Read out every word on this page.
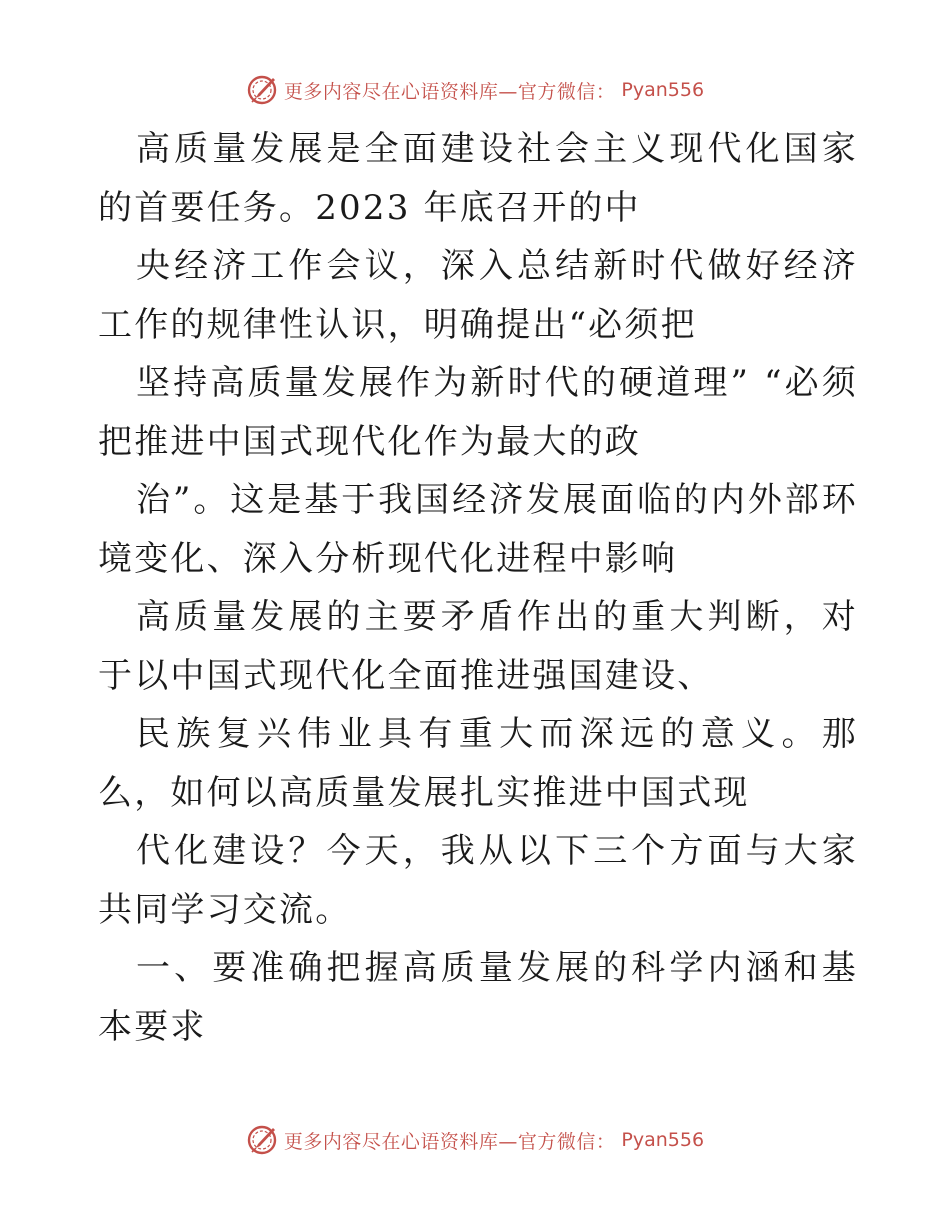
更多内容尽在心语资料库—官方微信： Pyan556

高质量发展是全面建设社会主义现代化国家的首要任务。2023 年底召开的中

央经济工作会议，深入总结新时代做好经济工作的规律性认识，明确提出“必须把

坚持高质量发展作为新时代的硬道理” “必须把推进中国式现代化作为最大的政

治”。这是基于我国经济发展面临的内外部环境变化、深入分析现代化进程中影响

高质量发展的主要矛盾作出的重大判断，对于以中国式现代化全面推进强国建设、

民族复兴伟业具有重大而深远的意义。那么，如何以高质量发展扎实推进中国式现

代化建设？今天，我从以下三个方面与大家共同学习交流。

一、要准确把握高质量发展的科学内涵和基本要求

更多内容尽在心语资料库—官方微信： Pyan556
